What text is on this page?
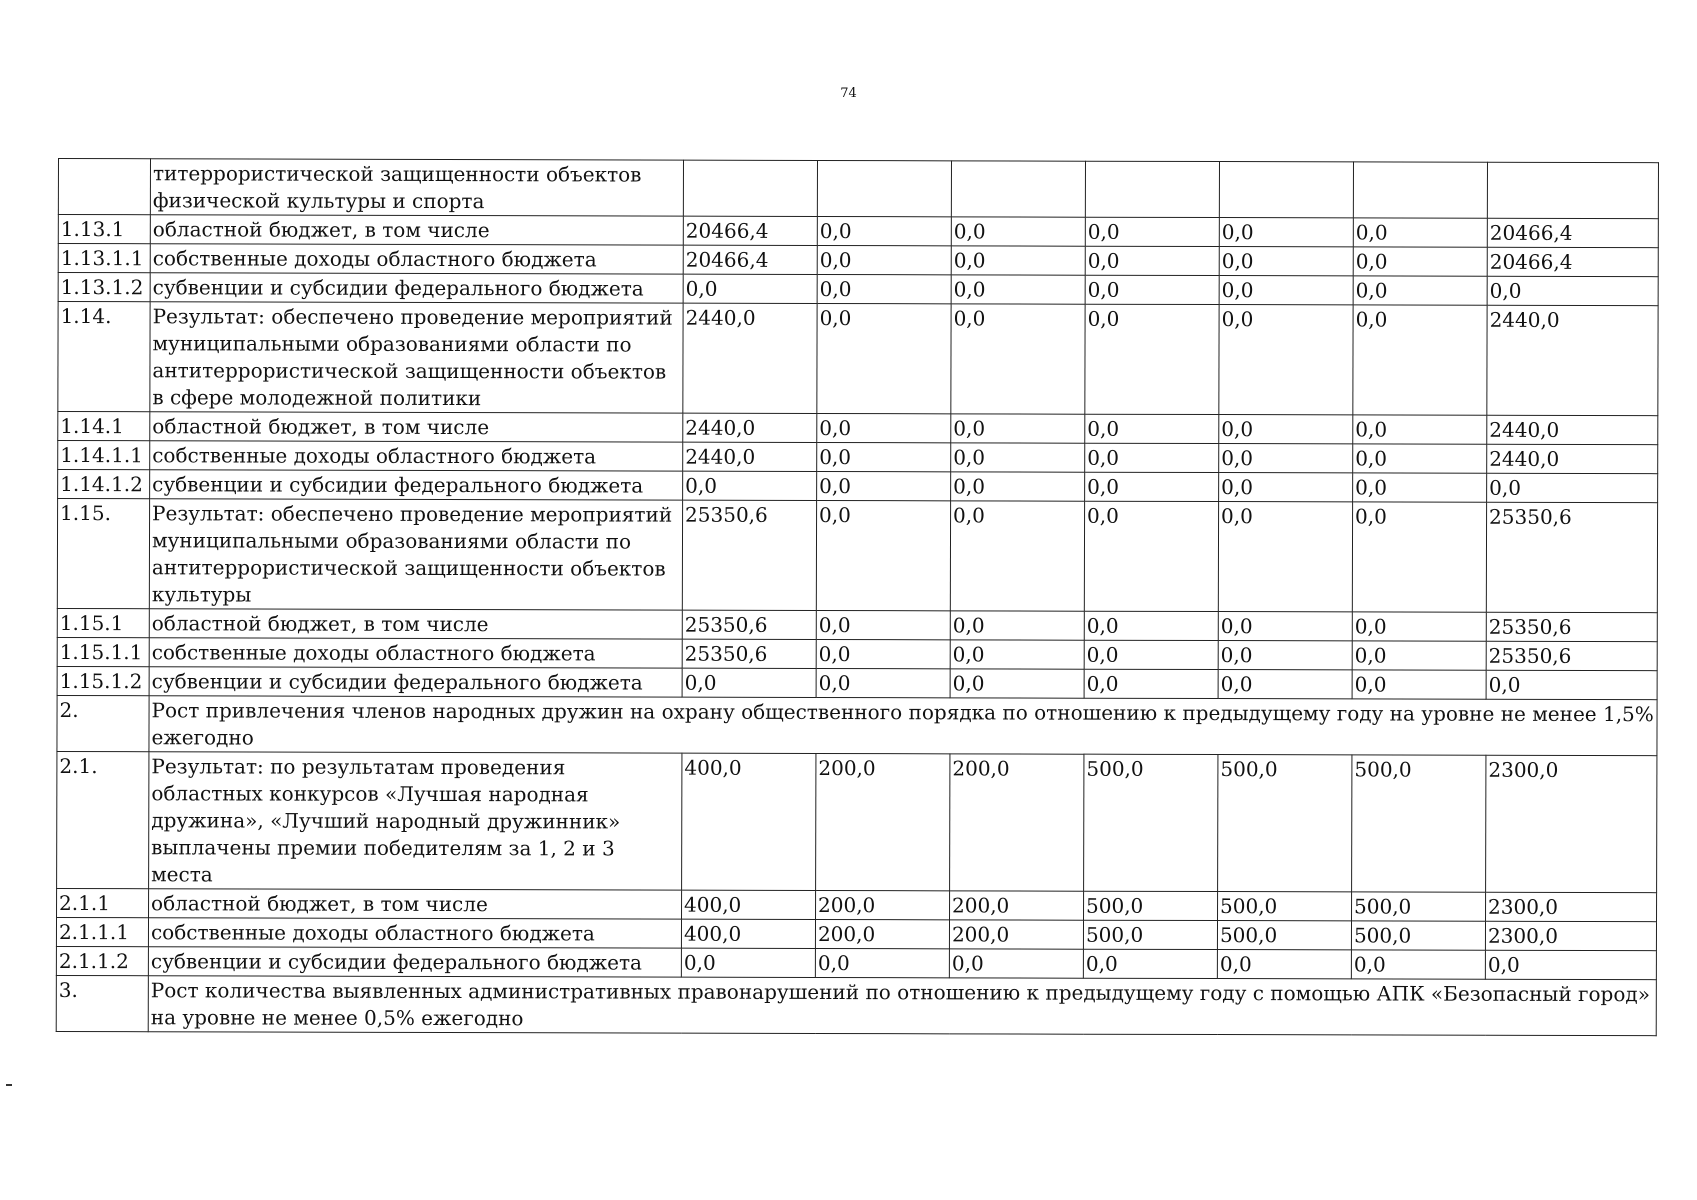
74
	титеррористической защищенности объектов физической культуры и спорта							
1.13.1	областной бюджет, в том числе	20466,4	0,0	0,0	0,0	0,0	0,0	20466,4
1.13.1.1	собственные доходы областного бюджета	20466,4	0,0	0,0	0,0	0,0	0,0	20466,4
1.13.1.2	субвенции и субсидии федерального бюджета	0,0	0,0	0,0	0,0	0,0	0,0	0,0
1.14.	Результат: обеспечено проведение мероприятий муниципальными образованиями области по антитеррористической защищенности объектов в сфере молодежной политики	2440,0	0,0	0,0	0,0	0,0	0,0	2440,0
1.14.1	областной бюджет, в том числе	2440,0	0,0	0,0	0,0	0,0	0,0	2440,0
1.14.1.1	собственные доходы областного бюджета	2440,0	0,0	0,0	0,0	0,0	0,0	2440,0
1.14.1.2	субвенции и субсидии федерального бюджета	0,0	0,0	0,0	0,0	0,0	0,0	0,0
1.15.	Результат: обеспечено проведение мероприятий муниципальными образованиями области по антитеррористической защищенности объектов культуры	25350,6	0,0	0,0	0,0	0,0	0,0	25350,6
1.15.1	областной бюджет, в том числе	25350,6	0,0	0,0	0,0	0,0	0,0	25350,6
1.15.1.1	собственные доходы областного бюджета	25350,6	0,0	0,0	0,0	0,0	0,0	25350,6
1.15.1.2	субвенции и субсидии федерального бюджета	0,0	0,0	0,0	0,0	0,0	0,0	0,0
2.	Рост привлечения членов народных дружин на охрану общественного порядка по отношению к предыдущему году на уровне не менее 1,5% ежегодно							
2.1.	Результат: по результатам проведения областных конкурсов «Лучшая народная дружина», «Лучший народный дружинник» выплачены премии победителям за 1, 2 и 3 места	400,0	200,0	200,0	500,0	500,0	500,0	2300,0
2.1.1	областной бюджет, в том числе	400,0	200,0	200,0	500,0	500,0	500,0	2300,0
2.1.1.1	собственные доходы областного бюджета	400,0	200,0	200,0	500,0	500,0	500,0	2300,0
2.1.1.2	субвенции и субсидии федерального бюджета	0,0	0,0	0,0	0,0	0,0	0,0	0,0
3.	Рост количества выявленных административных правонарушений по отношению к предыдущему году с помощью АПК «Безопасный город» на уровне не менее 0,5% ежегодно							
